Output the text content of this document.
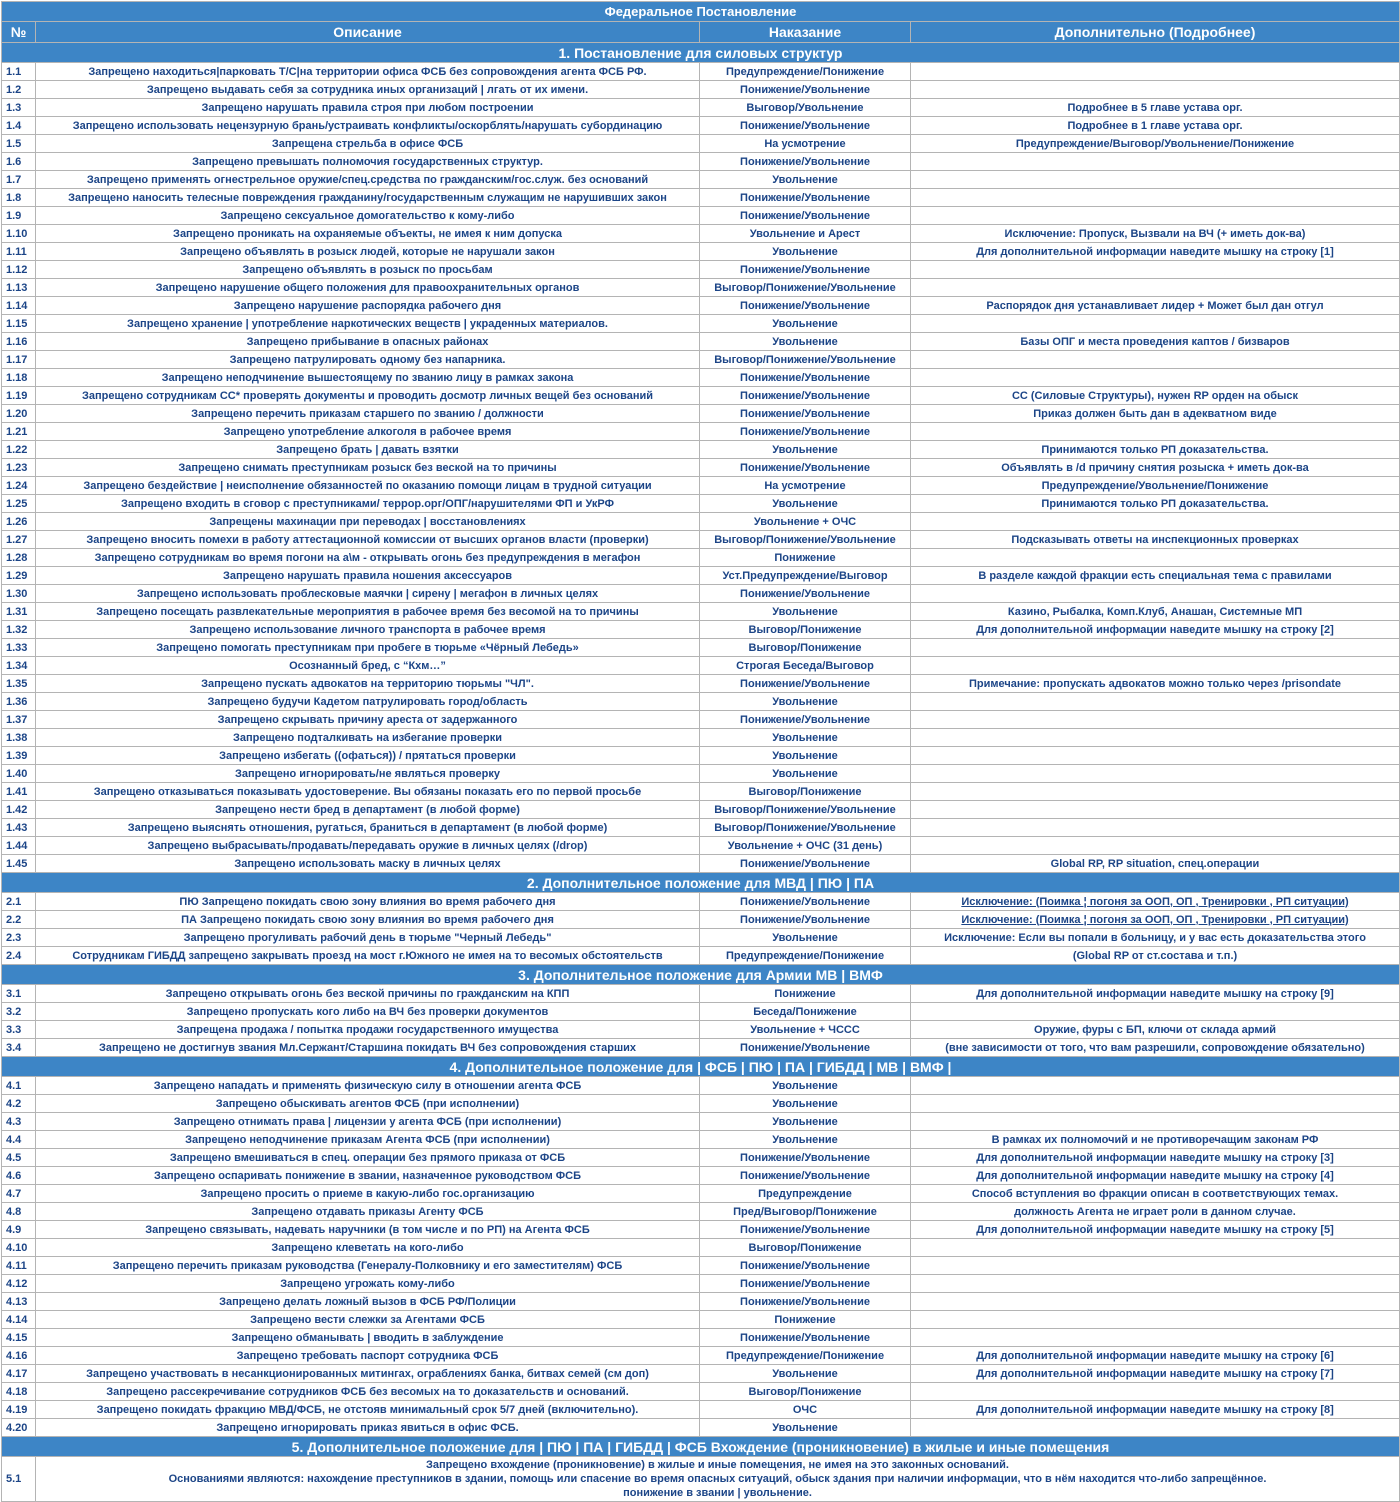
Федеральное Постановление			
№	Описание	Наказание	Дополнительно (Подробнее)
1. Постановление для силовых структур			
1.1	Запрещено находиться|парковать Т/С|на территории офиса ФСБ без сопровождения агента ФСБ РФ.	Предупреждение/Понижение	
1.2	Запрещено выдавать себя за сотрудника иных организаций | лгать от их имени.	Понижение/Увольнение	
1.3	Запрещено нарушать правила строя при любом построении	Выговор/Увольнение	Подробнее в 5 главе устава орг.
1.4	Запрещено использовать нецензурную брань/устраивать конфликты/оскорблять/нарушать субординацию	Понижение/Увольнение	Подробнее в 1 главе устава орг.
1.5	Запрещена стрельба в офисе ФСБ	На усмотрение	Предупреждение/Выговор/Увольнение/Понижение
1.6	Запрещено превышать полномочия государственных структур.	Понижение/Увольнение	
1.7	Запрещено применять огнестрельное оружие/спец.средства по гражданским/гос.служ. без оснований	Увольнение	
1.8	Запрещено наносить телесные повреждения гражданину/государственным служащим не нарушивших закон	Понижение/Увольнение	
1.9	Запрещено сексуальное домогательство к кому-либо	Понижение/Увольнение	
1.10	Запрещено проникать на охраняемые объекты, не имея к ним допуска	Увольнение и Арест	Исключение: Пропуск, Вызвали на ВЧ (+ иметь док-ва)
1.11	Запрещено объявлять в розыск людей, которые не нарушали закон	Увольнение	Для дополнительной информации наведите мышку на строку [1]
1.12	Запрещено объявлять в розыск по просьбам	Понижение/Увольнение	
1.13	Запрещено нарушение общего положения для правоохранительных органов	Выговор/Понижение/Увольнение	
1.14	Запрещено нарушение распорядка рабочего дня	Понижение/Увольнение	Распорядок дня устанавливает лидер + Может был дан отгул
1.15	Запрещено хранение | употребление наркотических веществ | украденных материалов.	Увольнение	
1.16	Запрещено прибывание в опасных районах	Увольнение	Базы ОПГ и места проведения каптов / бизваров
1.17	Запрещено патрулировать одному без напарника.	Выговор/Понижение/Увольнение	
1.18	Запрещено неподчинение вышестоящему по званию лицу в рамках закона	Понижение/Увольнение	
1.19	Запрещено сотрудникам СС* проверять документы и проводить досмотр личных вещей без оснований	Понижение/Увольнение	СС (Силовые Структуры), нужен RP орден на обыск
1.20	Запрещено перечить приказам старшего по званию / должности	Понижение/Увольнение	Приказ должен быть дан в адекватном виде
1.21	Запрещено употребление алкоголя в рабочее время	Понижение/Увольнение	
1.22	Запрещено брать | давать взятки	Увольнение	Принимаются только РП доказательства.
1.23	Запрещено снимать преступникам розыск без веской на то причины	Понижение/Увольнение	Объявлять в /d причину снятия розыска + иметь док-ва
1.24	Запрещено бездействие | неисполнение обязанностей по оказанию помощи лицам в трудной ситуации	На усмотрение	Предупреждение/Увольнение/Понижение
1.25	Запрещено входить в сговор с преступниками/ террор.орг/ОПГ/нарушителями ФП и УкРФ	Увольнение	Принимаются только РП доказательства.
1.26	Запрещены махинации при переводах | восстановлениях	Увольнение + ОЧС	
1.27	Запрещено вносить помехи в работу аттестационной комиссии от высших органов власти (проверки)	Выговор/Понижение/Увольнение	Подсказывать ответы на инспекционных проверках
1.28	Запрещено сотрудникам во время погони на а\м - открывать огонь без предупреждения в мегафон	Понижение	
1.29	Запрещено нарушать правила ношения аксессуаров	Уст.Предупреждение/Выговор	В разделе каждой фракции есть специальная тема с правилами
1.30	Запрещено использовать проблесковые маячки | сирену | мегафон в личных целях	Понижение/Увольнение	
1.31	Запрещено посещать развлекательные мероприятия в рабочее время без весомой на то причины	Увольнение	Казино, Рыбалка, Комп.Клуб, Анашан, Системные МП
1.32	Запрещено использование личного транспорта в рабочее время	Выговор/Понижение	Для дополнительной информации наведите мышку на строку [2]
1.33	Запрещено помогать преступникам при пробеге в тюрьме «Чёрный Лебедь»	Выговор/Понижение	
1.34	Осознанный бред, с “Кхм…”	Строгая Беседа/Выговор	
1.35	Запрещено пускать адвокатов на территорию тюрьмы "ЧЛ".	Понижение/Увольнение	Примечание: пропускать адвокатов можно только через /prisondate
1.36	Запрещено будучи Кадетом патрулировать город/область	Увольнение	
1.37	Запрещено скрывать причину ареста от задержанного	Понижение/Увольнение	
1.38	Запрещено подталкивать на избегание проверки	Увольнение	
1.39	Запрещено избегать ((офаться)) / прятаться проверки	Увольнение	
1.40	Запрещено игнорировать/не являться проверку	Увольнение	
1.41	Запрещено отказываться показывать удостоверение. Вы обязаны показать его по первой просьбе	Выговор/Понижение	
1.42	Запрещено нести бред в департамент (в любой форме)	Выговор/Понижение/Увольнение	
1.43	Запрещено выяснять отношения, ругаться, браниться в департамент (в любой форме)	Выговор/Понижение/Увольнение	
1.44	Запрещено выбрасывать/продавать/передавать оружие в личных целях (/drop)	Увольнение + ОЧС (31 день)	
1.45	Запрещено использовать маску в личных целях	Понижение/Увольнение	Global RP, RP situation, спец.операции
2. Дополнительное положение для МВД | ПЮ | ПА			
2.1	ПЮ Запрещено покидать свою зону влияния во время рабочего дня	Понижение/Увольнение	Исключение: (Поимка ¦ погоня за ООП, ОП , Тренировки , РП ситуации)
2.2	ПА Запрещено покидать свою зону влияния во время рабочего дня	Понижение/Увольнение	Исключение: (Поимка ¦ погоня за ООП, ОП , Тренировки , РП ситуации)
2.3	Запрещено прогуливать рабочий день в тюрьме "Черный Лебедь"	Увольнение	Исключение: Если вы попали в больницу, и у вас есть доказательства этого
2.4	Сотрудникам ГИБДД запрещено закрывать проезд на мост г.Южного не имея на то весомых обстоятельств	Предупреждение/Понижение	(Global RP от ст.состава и т.п.)
3. Дополнительное положение для Армии МВ | ВМФ			
3.1	Запрещено открывать огонь без веской причины по гражданским на КПП	Понижение	Для дополнительной информации наведите мышку на строку [9]
3.2	Запрещено пропускать кого либо на ВЧ без проверки документов	Беседа/Понижение	
3.3	Запрещена продажа / попытка продажи государственного имущества	Увольнение + ЧССС	Оружие, фуры с БП, ключи от склада армий
3.4	Запрещено не достигнув звания Мл.Сержант/Старшина покидать ВЧ без сопровождения старших	Понижение/Увольнение	(вне зависимости от того, что вам разрешили, сопровождение обязательно)
4. Дополнительное положение для | ФСБ | ПЮ | ПА | ГИБДД | МВ | ВМФ |			
4.1	Запрещено нападать и применять физическую силу в отношении агента ФСБ	Увольнение	
4.2	Запрещено обыскивать агентов ФСБ (при исполнении)	Увольнение	
4.3	Запрещено отнимать права | лицензии у агента ФСБ (при исполнении)	Увольнение	
4.4	Запрещено неподчинение приказам Агента ФСБ (при исполнении)	Увольнение	В рамках их полномочий и не противоречащим законам РФ
4.5	Запрещено вмешиваться в спец. операции без прямого приказа от ФСБ	Понижение/Увольнение	Для дополнительной информации наведите мышку на строку [3]
4.6	Запрещено оспаривать понижение в звании, назначенное руководством ФСБ	Понижение/Увольнение	Для дополнительной информации наведите мышку на строку [4]
4.7	Запрещено просить о приеме в какую-либо гос.организацию	Предупреждение	Способ вступления во фракции описан в соответствующих темах.
4.8	Запрещено отдавать приказы Агенту ФСБ	Пред/Выговор/Понижение	должность Агента не играет роли в данном случае.
4.9	Запрещено связывать, надевать наручники (в том числе и по РП) на Агента ФСБ	Понижение/Увольнение	Для дополнительной информации наведите мышку на строку [5]
4.10	Запрещено клеветать на кого-либо	Выговор/Понижение	
4.11	Запрещено перечить приказам руководства (Генералу-Полковнику и его заместителям) ФСБ	Понижение/Увольнение	
4.12	Запрещено угрожать кому-либо	Понижение/Увольнение	
4.13	Запрещено делать ложный вызов в ФСБ РФ/Полиции	Понижение/Увольнение	
4.14	Запрещено вести слежки за Агентами ФСБ	Понижение	
4.15	Запрещено обманывать | вводить в заблуждение	Понижение/Увольнение	
4.16	Запрещено требовать паспорт сотрудника ФСБ	Предупреждение/Понижение	Для дополнительной информации наведите мышку на строку [6]
4.17	Запрещено участвовать в несанкционированных митингах, ограблениях банка, битвах семей (см доп)	Увольнение	Для дополнительной информации наведите мышку на строку [7]
4.18	Запрещено рассекречивание сотрудников ФСБ без весомых на то доказательств и оснований.	Выговор/Понижение	
4.19	Запрещено покидать фракцию МВД/ФСБ, не отстояв минимальный срок 5/7 дней (включительно).	ОЧС	Для дополнительной информации наведите мышку на строку [8]
4.20	Запрещено игнорировать приказ явиться в офис ФСБ.	Увольнение	
5. Дополнительное положение для | ПЮ | ПА | ГИБДД | ФСБ Вхождение (проникновение) в жилые и иные помещения			
5.1	Запрещено вхождение (проникновение) в жилые и иные помещения, не имея на это законных оснований.
Основаниями являются: нахождение преступников в здании, помощь или спасение во время опасных ситуаций, обыск здания при наличии информации, что в нём находится что-либо запрещённое.
понижение в звании | увольнение.		
